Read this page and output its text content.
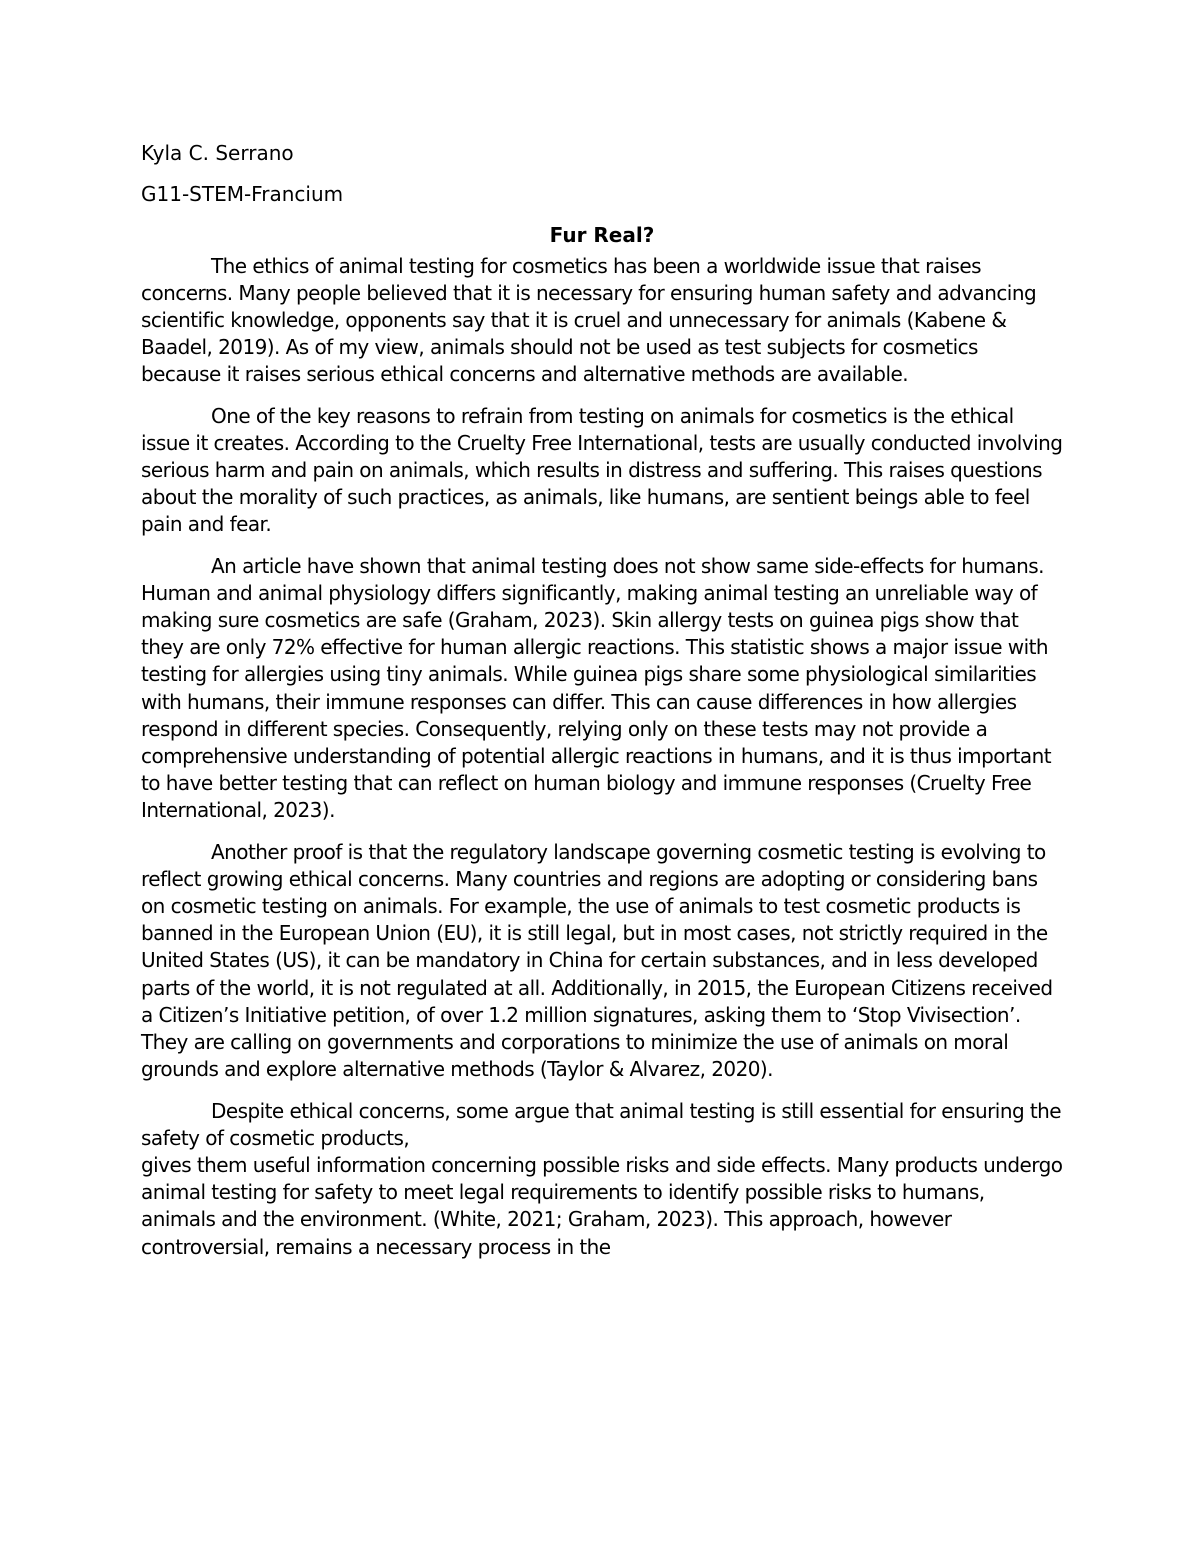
Kyla C. Serrano
G11-STEM-Francium
Fur Real?

The ethics of animal testing for cosmetics has been a worldwide issue that raises concerns. Many people believed that it is necessary for ensuring human safety and advancing scientific knowledge, opponents say that it is cruel and unnecessary for animals (Kabene & Baadel, 2019). As of my view, animals should not be used as test subjects for cosmetics because it raises serious ethical concerns and alternative methods are available.

One of the key reasons to refrain from testing on animals for cosmetics is the ethical issue it creates. According to the Cruelty Free International, tests are usually conducted involving serious harm and pain on animals, which results in distress and suffering. This raises questions about the morality of such practices, as animals, like humans, are sentient beings able to feel pain and fear.

An article have shown that animal testing does not show same side-effects for humans. Human and animal physiology differs significantly, making animal testing an unreliable way of making sure cosmetics are safe (Graham, 2023). Skin allergy tests on guinea pigs show that they are only 72% effective for human allergic reactions. This statistic shows a major issue with testing for allergies using tiny animals. While guinea pigs share some physiological similarities with humans, their immune responses can differ. This can cause differences in how allergies respond in different species. Consequently, relying only on these tests may not provide a comprehensive understanding of potential allergic reactions in humans, and it is thus important to have better testing that can reflect on human biology and immune responses (Cruelty Free International, 2023).

Another proof is that the regulatory landscape governing cosmetic testing is evolving to reflect growing ethical concerns. Many countries and regions are adopting or considering bans on cosmetic testing on animals. For example, the use of animals to test cosmetic products is banned in the European Union (EU), it is still legal, but in most cases, not strictly required in the United States (US), it can be mandatory in China for certain substances, and in less developed parts of the world, it is not regulated at all. Additionally, in 2015, the European Citizens received a Citizen’s Initiative petition, of over 1.2 million signatures, asking them to ‘Stop Vivisection’. They are calling on governments and corporations to minimize the use of animals on moral grounds and explore alternative methods (Taylor & Alvarez, 2020).

Despite ethical concerns, some argue that animal testing is still essential for ensuring the safety of cosmetic products,

gives them useful information concerning possible risks and side effects. Many products undergo animal testing for safety to meet legal requirements to identify possible risks to humans, animals and the environment. (White, 2021; Graham, 2023). This approach, however controversial, remains a necessary process in the
